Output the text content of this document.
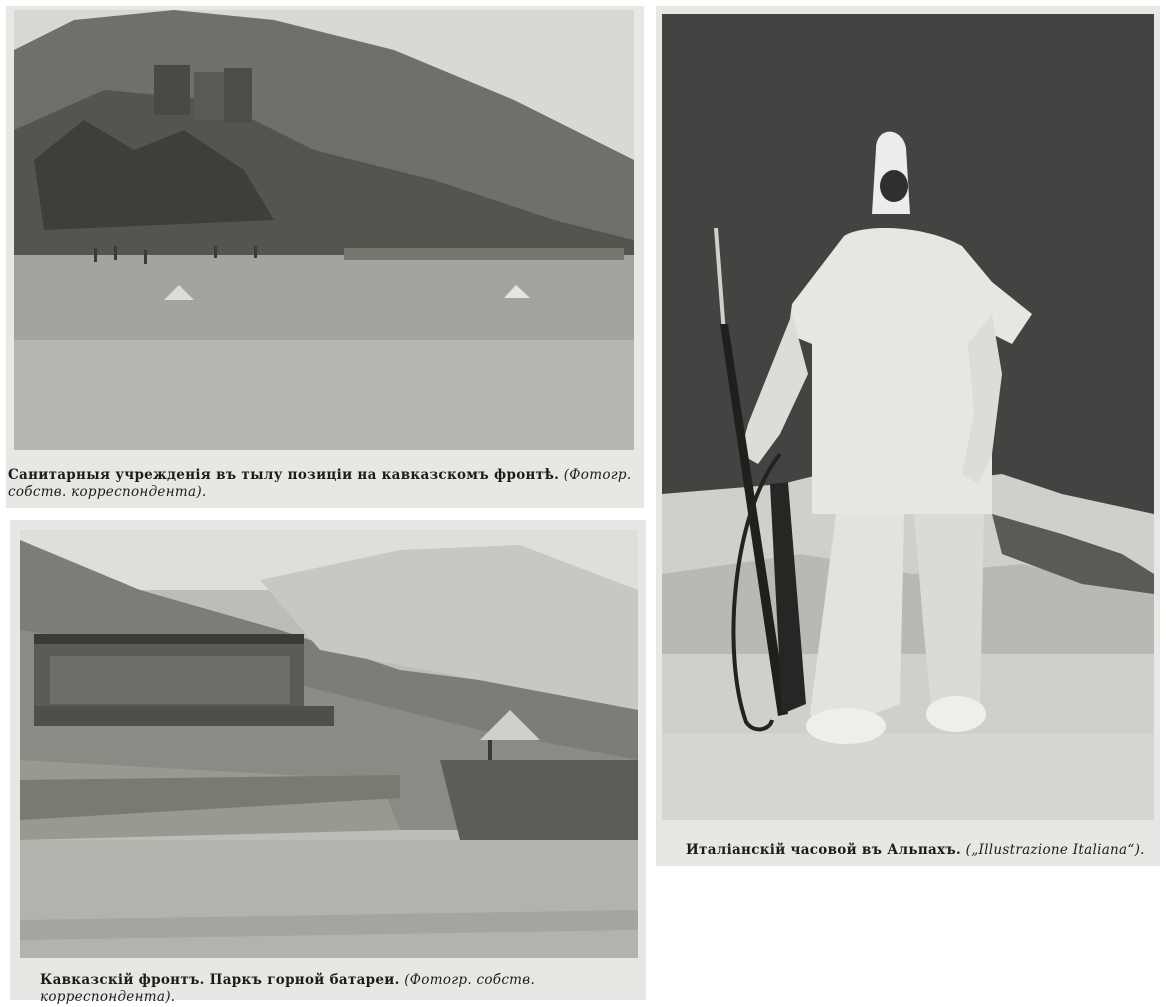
Санитарныя учрежденія въ тылу позиціи на кавказскомъ фронтѣ. (Фотогр. собств. корреспондента).
Кавказскій фронтъ. Паркъ горной батареи. (Фотогр. собств. корреспондента).
Италіанскій часовой въ Альпахъ. („Illustrazione Italiana“).
